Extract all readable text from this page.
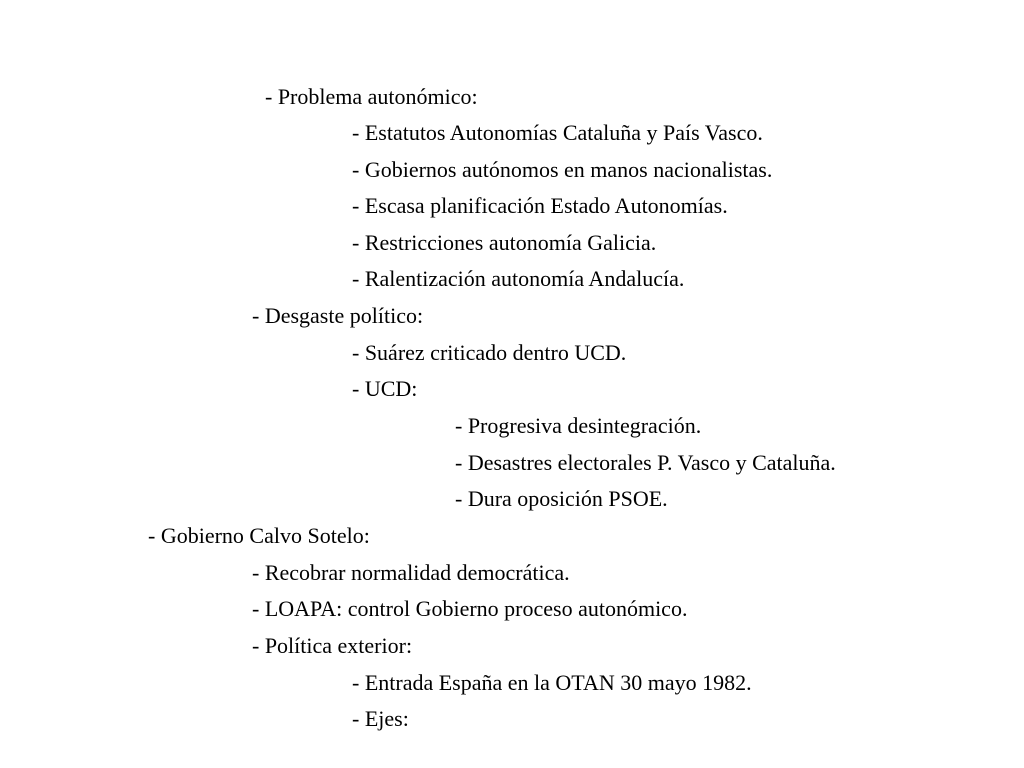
- Problema autonómico:
- Estatutos Autonomías Cataluña y País Vasco.
- Gobiernos autónomos en manos nacionalistas.
- Escasa planificación Estado Autonomías.
- Restricciones autonomía Galicia.
- Ralentización autonomía Andalucía.
- Desgaste político:
- Suárez criticado dentro UCD.
- UCD:
- Progresiva desintegración.
- Desastres electorales P. Vasco y Cataluña.
- Dura oposición PSOE.
- Gobierno Calvo Sotelo:
- Recobrar normalidad democrática.
- LOAPA: control Gobierno proceso autonómico.
- Política exterior:
- Entrada España en la OTAN 30 mayo 1982.
- Ejes:
